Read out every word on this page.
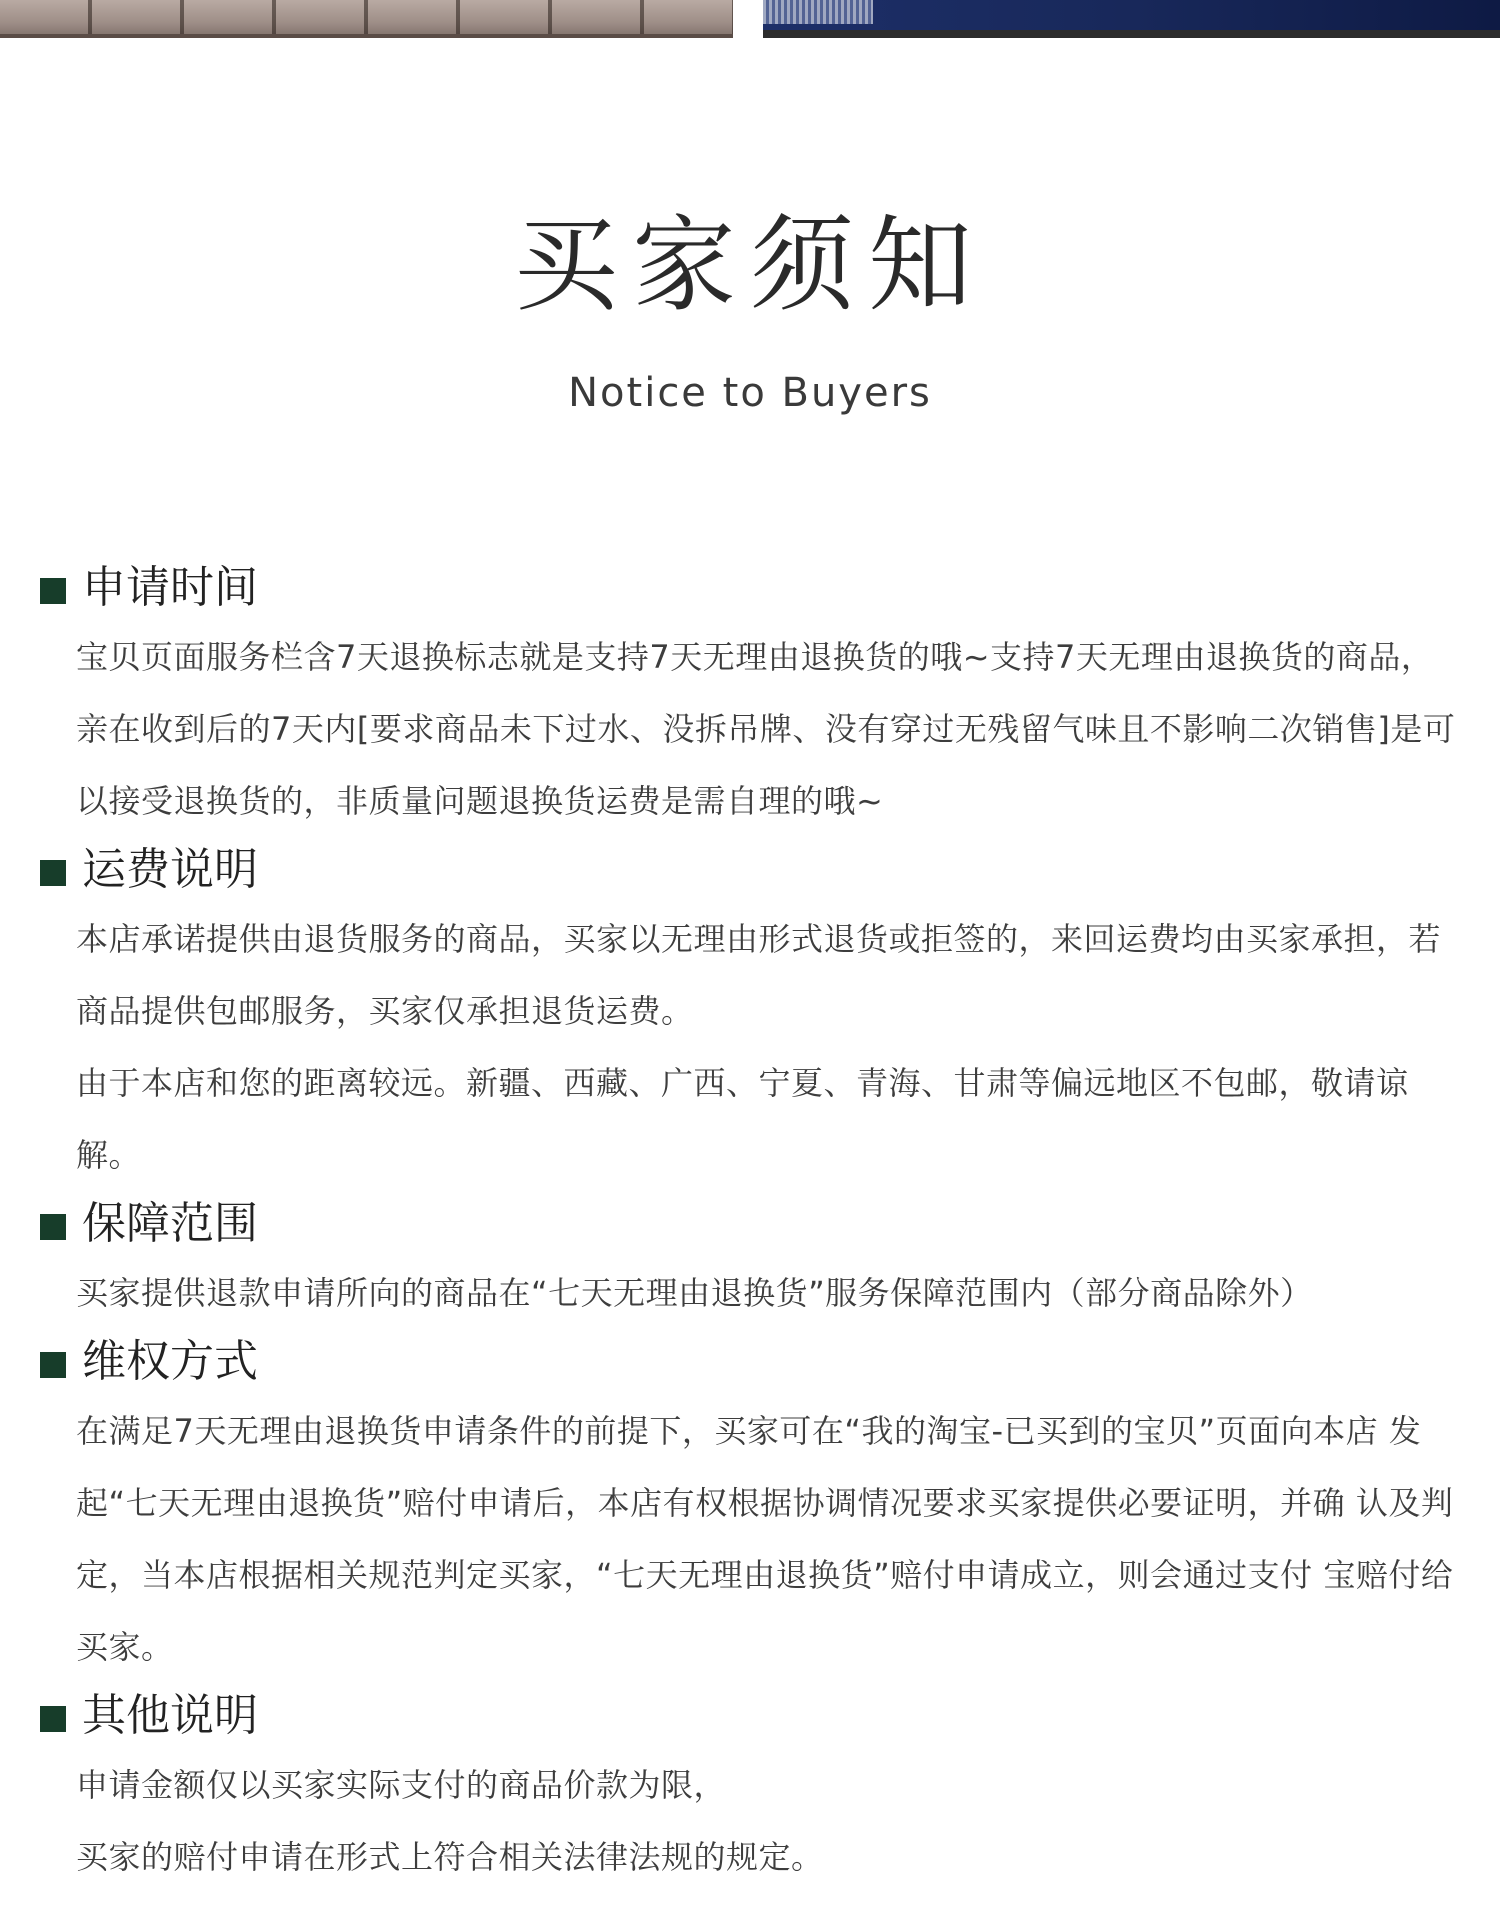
买家须知
Notice to Buyers
申请时间
宝贝页面服务栏含7天退换标志就是支持7天无理由退换货的哦~支持7天无理由退换货的商品，亲在收到后的7天内[要求商品未下过水、没拆吊牌、没有穿过无残留气味且不影响二次销售]是可以接受退换货的，非质量问题退换货运费是需自理的哦~
运费说明
本店承诺提供由退货服务的商品，买家以无理由形式退货或拒签的，来回运费均由买家承担，若商品提供包邮服务，买家仅承担退货运费。
由于本店和您的距离较远。新疆、西藏、广西、宁夏、青海、甘肃等偏远地区不包邮，敬请谅解。
保障范围
买家提供退款申请所向的商品在“七天无理由退换货”服务保障范围内（部分商品除外）
维权方式
在满足7天无理由退换货申请条件的前提下，买家可在“我的淘宝-已买到的宝贝”页面向本店 发起“七天无理由退换货”赔付申请后，本店有权根据协调情况要求买家提供必要证明，并确 认及判定，当本店根据相关规范判定买家，“七天无理由退换货”赔付申请成立，则会通过支付 宝赔付给买家。
其他说明
申请金额仅以买家实际支付的商品价款为限，
买家的赔付申请在形式上符合相关法律法规的规定。
